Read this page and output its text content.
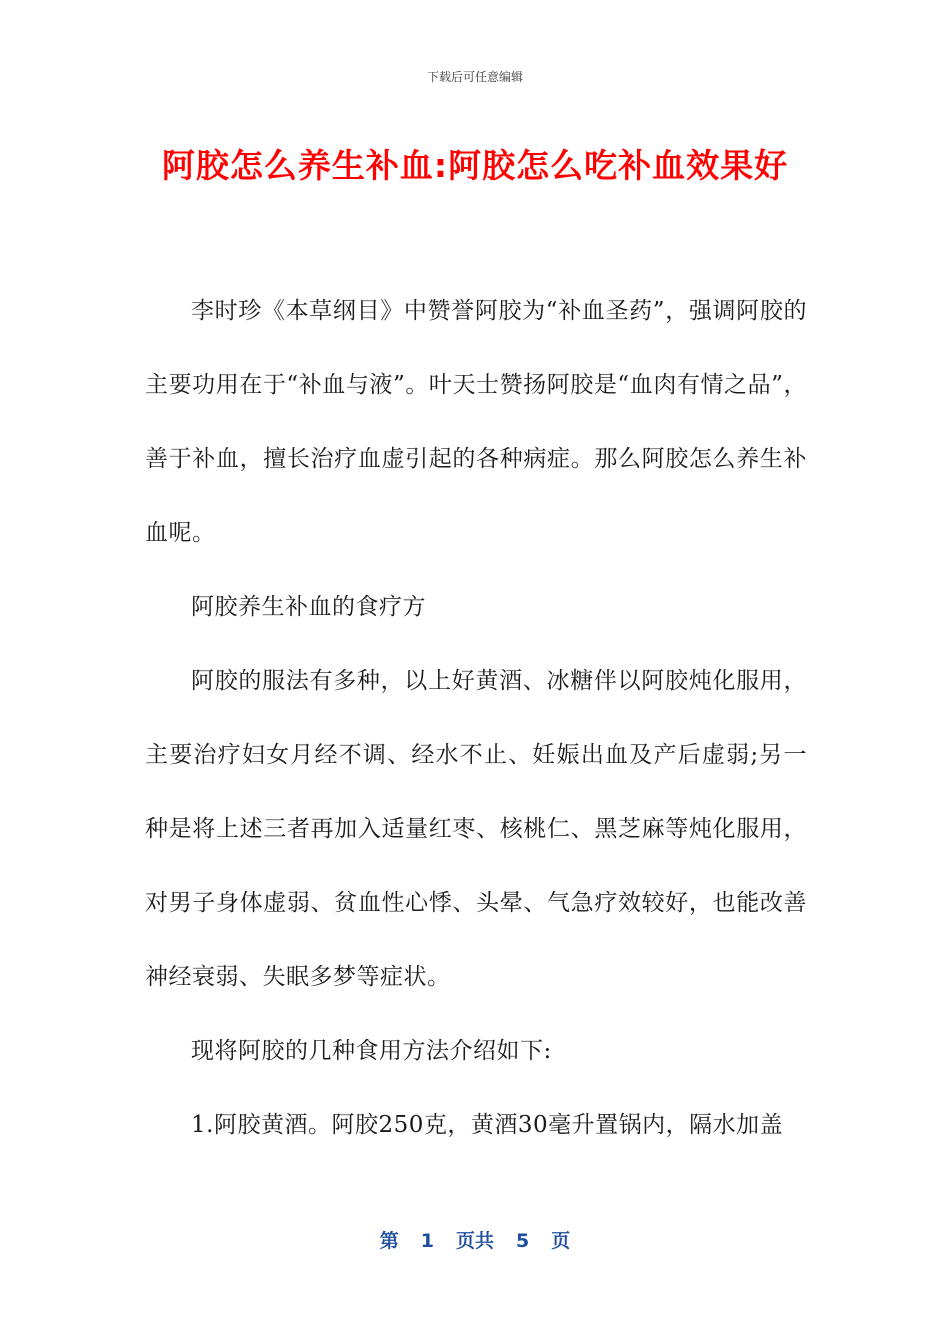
下载后可任意编辑
阿胶怎么养生补血:阿胶怎么吃补血效果好

李时珍《本草纲目》中赞誉阿胶为“补血圣药”，强调阿胶的主要功用在于“补血与液”。叶天士赞扬阿胶是“血肉有情之品”，善于补血，擅长治疗血虚引起的各种病症。那么阿胶怎么养生补血呢。

阿胶养生补血的食疗方

阿胶的服法有多种，以上好黄酒、冰糖伴以阿胶炖化服用，主要治疗妇女月经不调、经水不止、妊娠出血及产后虚弱;另一种是将上述三者再加入适量红枣、核桃仁、黑芝麻等炖化服用，对男子身体虚弱、贫血性心悸、头晕、气急疗效较好，也能改善神经衰弱、失眠多梦等症状。

现将阿胶的几种食用方法介绍如下:

1.阿胶黄酒。阿胶250克，黄酒30毫升置锅内，隔水加盖

第 1 页共 5 页
